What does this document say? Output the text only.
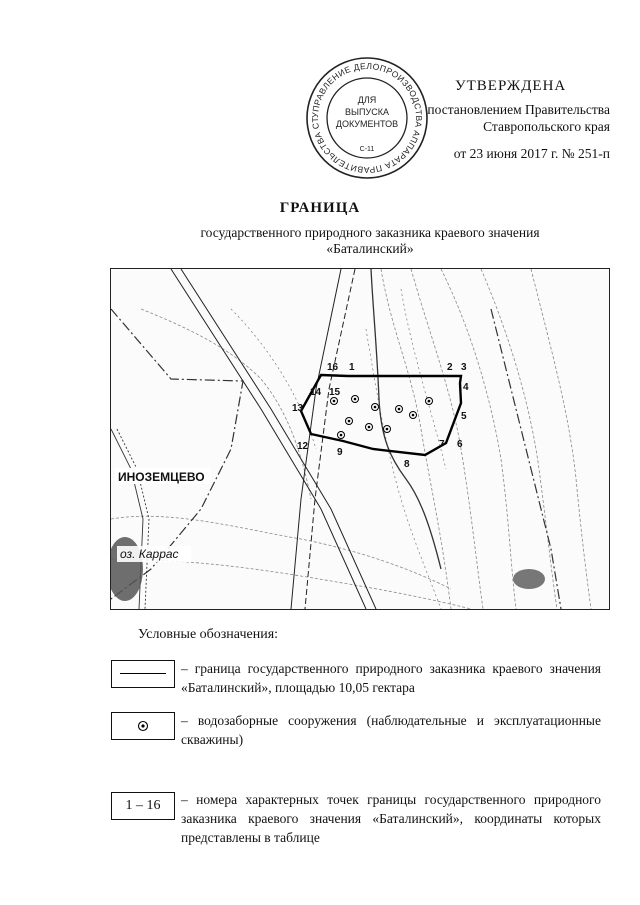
УПРАВЛЕНИЕ ДЕЛОПРОИЗВОДСТВА АППАРАТА ПРАВИТЕЛЬСТВА СТ
ДЛЯ
ВЫПУСКА
ДОКУМЕНТОВ
С-11
УТВЕРЖДЕНА
постановлением Правительства
Ставропольского края
от 23 июня 2017 г. № 251-п
ГРАНИЦА
государственного природного заказника краевого значения
«Баталинский»
1	2 3
4
5
6
7
8
9
12
13
14 15
16
ИНОЗЕМЦЕВО
оз. Каррас
Условные обозначения:
– граница государственного природного заказника краевого значения «Баталинский», площадью 10,05 гектара
– водозаборные сооружения (наблюдательные и эксплуатационные скважины)
1 – 16	– номера характерных точек границы государственного природного заказника краевого значения «Баталинский», координаты которых представлены в таблице
